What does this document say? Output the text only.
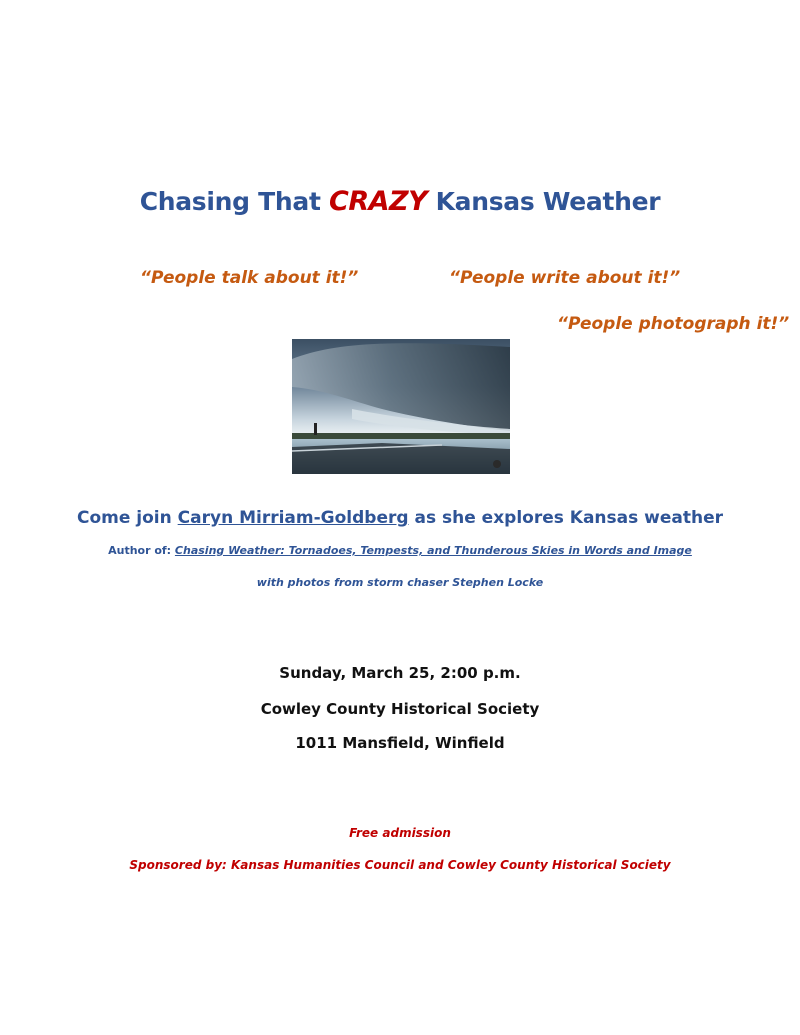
Chasing That CRAZY Kansas Weather
“People talk about it!”	“People write about it!”
“People photograph it!”
Come join Caryn Mirriam-Goldberg as she explores Kansas weather
Author of: Chasing Weather: Tornadoes, Tempests, and Thunderous Skies in Words and Image
with photos from storm chaser Stephen Locke
Sunday, March 25, 2:00 p.m.
Cowley County Historical Society
1011 Mansfield, Winfield
Free admission
Sponsored by: Kansas Humanities Council and Cowley County Historical Society
